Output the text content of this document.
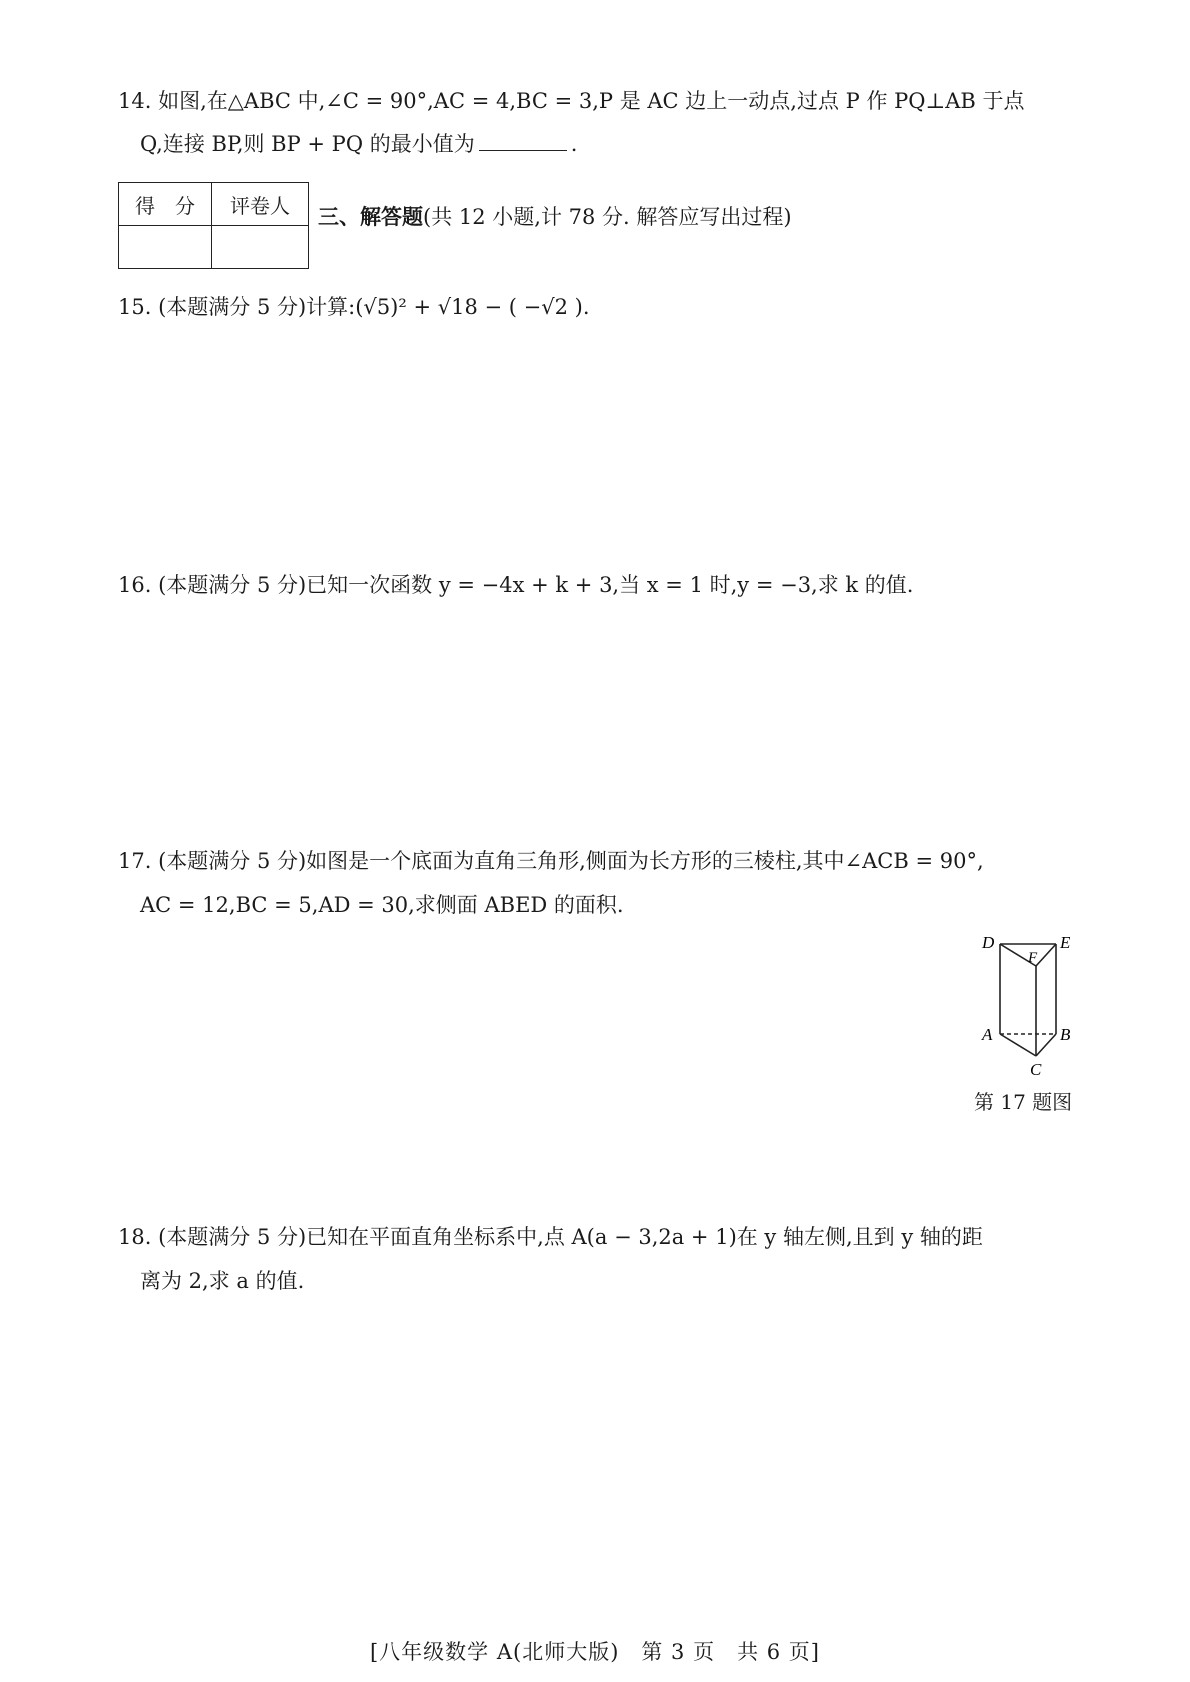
14. 如图,在△ABC 中,∠C = 90°,AC = 4,BC = 3,P 是 AC 边上一动点,过点 P 作 PQ⊥AB 于点
Q,连接 BP,则 BP + PQ 的最小值为	.
得　分	评卷人
	三、解答题(共 12 小题,计 78 分. 解答应写出过程)
15. (本题满分 5 分)计算:(√5)² + √18 − ( −√2 ).
16. (本题满分 5 分)已知一次函数 y = −4x + k + 3,当 x = 1 时,y = −3,求 k 的值.
17. (本题满分 5 分)如图是一个底面为直角三角形,侧面为长方形的三棱柱,其中∠ACB = 90°,
AC = 12,BC = 5,AD = 30,求侧面 ABED 的面积.
D	E
F
A	B
C
第 17 题图
18. (本题满分 5 分)已知在平面直角坐标系中,点 A(a − 3,2a + 1)在 y 轴左侧,且到 y 轴的距
离为 2,求 a 的值.
[八年级数学 A(北师大版)　第 3 页　共 6 页]
